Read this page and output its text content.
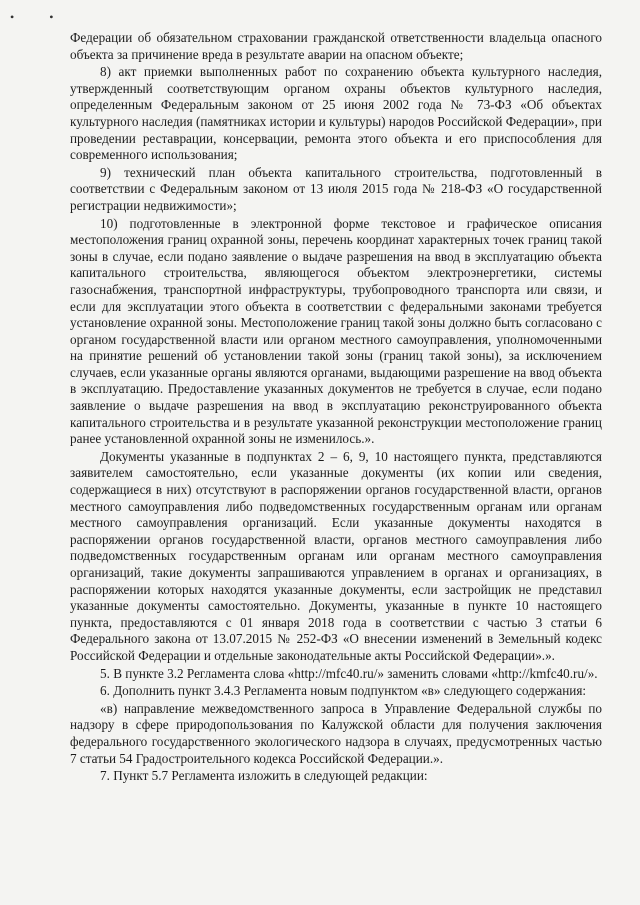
• •

Федерации об обязательном страховании гражданской ответственности владельца опасного объекта за причинение вреда в результате аварии на опасном объекте;

8) акт приемки выполненных работ по сохранению объекта культурного наследия, утвержденный соответствующим органом охраны объектов культурного наследия, определенным Федеральным законом от 25 июня 2002 года № 73-ФЗ «Об объектах культурного наследия (памятниках истории и культуры) народов Российской Федерации», при проведении реставрации, консервации, ремонта этого объекта и его приспособления для современного использования;

9) технический план объекта капитального строительства, подготовленный в соответствии с Федеральным законом от 13 июля 2015 года № 218-ФЗ «О государственной регистрации недвижимости»;

10) подготовленные в электронной форме текстовое и графическое описания местоположения границ охранной зоны, перечень координат характерных точек границ такой зоны в случае, если подано заявление о выдаче разрешения на ввод в эксплуатацию объекта капитального строительства, являющегося объектом электроэнергетики, системы газоснабжения, транспортной инфраструктуры, трубопроводного транспорта или связи, и если для эксплуатации этого объекта в соответствии с федеральными законами требуется установление охранной зоны. Местоположение границ такой зоны должно быть согласовано с органом государственной власти или органом местного самоуправления, уполномоченными на принятие решений об установлении такой зоны (границ такой зоны), за исключением случаев, если указанные органы являются органами, выдающими разрешение на ввод объекта в эксплуатацию. Предоставление указанных документов не требуется в случае, если подано заявление о выдаче разрешения на ввод в эксплуатацию реконструированного объекта капитального строительства и в результате указанной реконструкции местоположение границ ранее установленной охранной зоны не изменилось.».

Документы указанные в подпунктах 2 – 6, 9, 10 настоящего пункта, представляются заявителем самостоятельно, если указанные документы (их копии или сведения, содержащиеся в них) отсутствуют в распоряжении органов государственной власти, органов местного самоуправления либо подведомственных государственным органам или органам местного самоуправления организаций. Если указанные документы находятся в распоряжении органов государственной власти, органов местного самоуправления либо подведомственных государственным органам или органам местного самоуправления организаций, такие документы запрашиваются управлением в органах и организациях, в распоряжении которых находятся указанные документы, если застройщик не представил указанные документы самостоятельно. Документы, указанные в пункте 10 настоящего пункта, предоставляются с 01 января 2018 года в соответствии с частью 3 статьи 6 Федерального закона от 13.07.2015 № 252-ФЗ «О внесении изменений в Земельный кодекс Российской Федерации и отдельные законодательные акты Российской Федерации».».

5. В пункте 3.2 Регламента слова «http://mfc40.ru/» заменить словами «http://kmfc40.ru/».

6. Дополнить пункт 3.4.3 Регламента новым подпунктом «в» следующего содержания:

«в) направление межведомственного запроса в Управление Федеральной службы по надзору в сфере природопользования по Калужской области для получения заключения федерального государственного экологического надзора в случаях, предусмотренных частью 7 статьи 54 Градостроительного кодекса Российской Федерации.».

7. Пункт 5.7 Регламента изложить в следующей редакции:
